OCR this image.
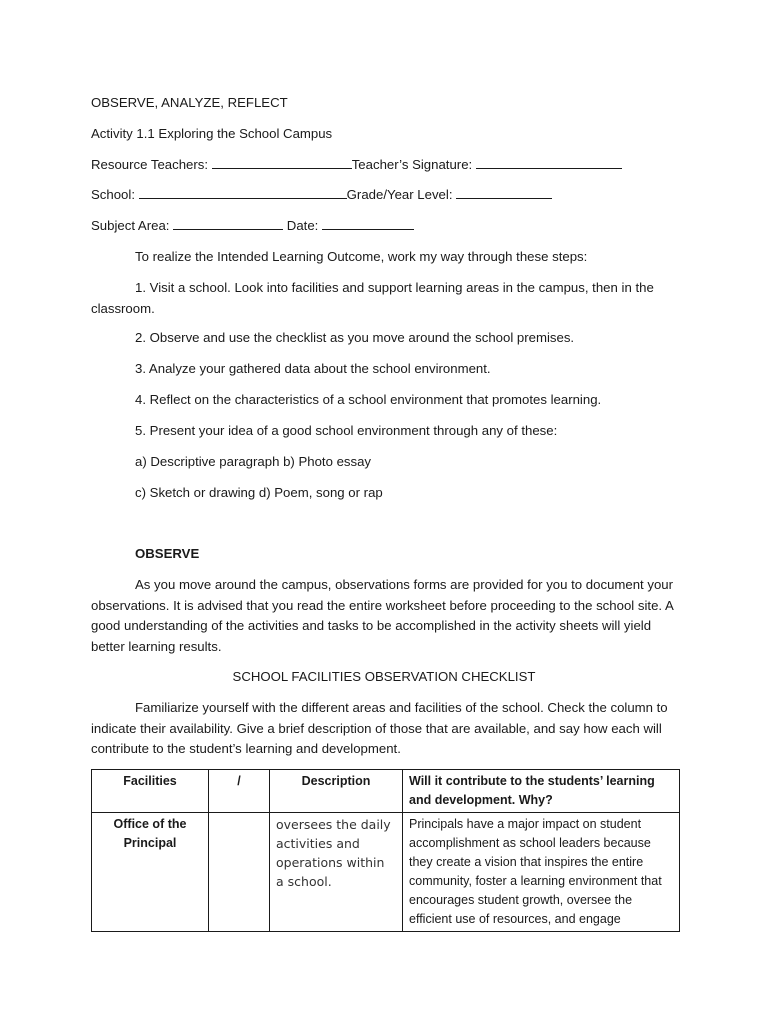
OBSERVE, ANALYZE, REFLECT
Activity 1.1 Exploring the School Campus
Resource Teachers:	Teacher’s Signature:
School:	Grade/Year Level:
Subject Area:	Date:
To realize the Intended Learning Outcome, work my way through these steps:
1. Visit a school. Look into facilities and support learning areas in the campus, then in the classroom.
2. Observe and use the checklist as you move around the school premises.
3. Analyze your gathered data about the school environment.
4. Reflect on the characteristics of a school environment that promotes learning.
5. Present your idea of a good school environment through any of these:
a) Descriptive paragraph b) Photo essay
c) Sketch or drawing d) Poem, song or rap
OBSERVE
As you move around the campus, observations forms are provided for you to document your observations. It is advised that you read the entire worksheet before proceeding to the school site. A good understanding of the activities and tasks to be accomplished in the activity sheets will yield better learning results.
SCHOOL FACILITIES OBSERVATION CHECKLIST
Familiarize yourself with the different areas and facilities of the school. Check the column to indicate their availability. Give a brief description of those that are available, and say how each will contribute to the student’s learning and development.
Facilities	/	Description	Will it contribute to the students’ learning and development. Why?
Office of the Principal		oversees the daily activities and operations within a school.	Principals have a major impact on student accomplishment as school leaders because they create a vision that inspires the entire community, foster a learning environment that encourages student growth, oversee the efficient use of resources, and engage
